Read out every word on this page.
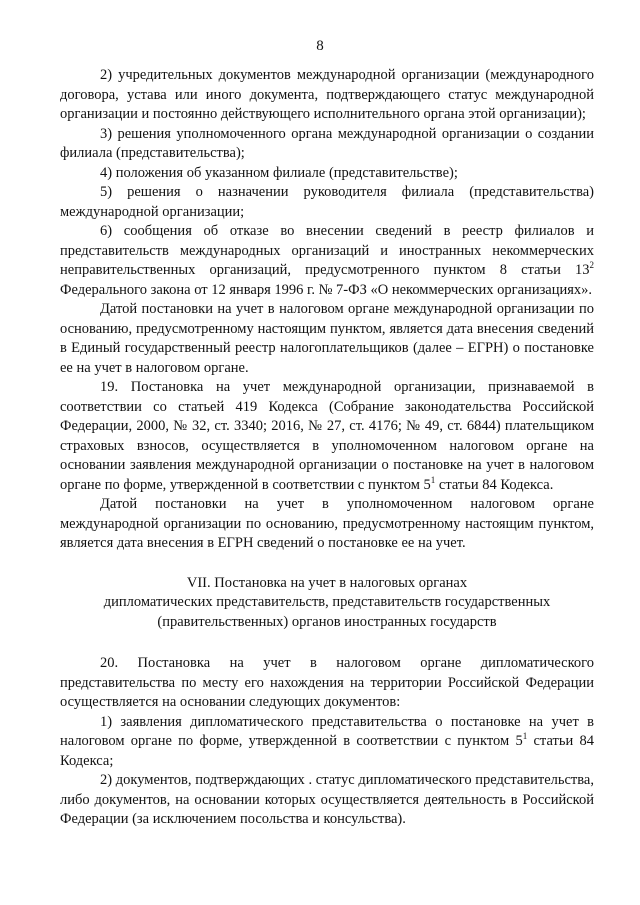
8

2) учредительных документов международной организации (международного договора, устава или иного документа, подтверждающего статус международной организации и постоянно действующего исполнительного органа этой организации);

3) решения уполномоченного органа международной организации о создании филиала (представительства);

4) положения об указанном филиале (представительстве);

5) решения о назначении руководителя филиала (представительства) международной организации;

6) сообщения об отказе во внесении сведений в реестр филиалов и представительств международных организаций и иностранных некоммерческих неправительственных организаций, предусмотренного пунктом 8 статьи $13^2$ Федерального закона от 12 января 1996 г. № 7-ФЗ «О некоммерческих организациях».

Датой постановки на учет в налоговом органе международной организации по основанию, предусмотренному настоящим пунктом, является дата внесения сведений в Единый государственный реестр налогоплательщиков (далее – ЕГРН) о постановке ее на учет в налоговом органе.

19. Постановка на учет международной организации, признаваемой в соответствии со статьей 419 Кодекса (Собрание законодательства Российской Федерации, 2000, № 32, ст. 3340; 2016, № 27, ст. 4176; № 49, ст. 6844) плательщиком страховых взносов, осуществляется в уполномоченном налоговом органе на основании заявления международной организации о постановке на учет в налоговом органе по форме, утвержденной в соответствии с пунктом $5^1$ статьи 84 Кодекса.

Датой постановки на учет в уполномоченном налоговом органе международной организации по основанию, предусмотренному настоящим пунктом, является дата внесения в ЕГРН сведений о постановке ее на учет.

VII. Постановка на учет в налоговых органах
дипломатических представительств, представительств государственных
(правительственных) органов иностранных государств

20. Постановка на учет в налоговом органе дипломатического представительства по месту его нахождения на территории Российской Федерации осуществляется на основании следующих документов:

1) заявления дипломатического представительства о постановке на учет в налоговом органе по форме, утвержденной в соответствии с пунктом $5^1$ статьи 84 Кодекса;

2) документов, подтверждающих . статус дипломатического представительства, либо документов, на основании которых осуществляется деятельность в Российской Федерации (за исключением посольства и консульства).
